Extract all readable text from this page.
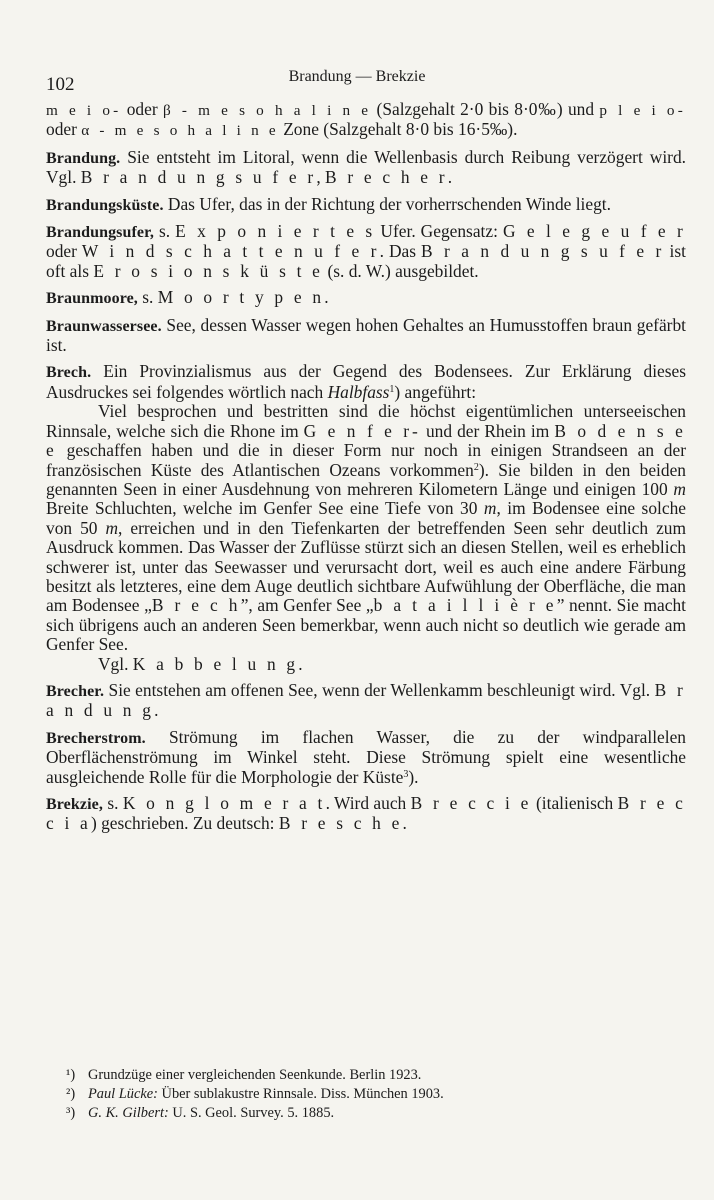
102	Brandung — Brekzie

m e i o- oder β - m e s o h a l i n e (Salzgehalt 2·0 bis 8·0‰) und p l e i o- oder α - m e s o h a l i n e Zone (Salzgehalt 8·0 bis 16·5‰).

Brandung. Sie entsteht im Litoral, wenn die Wellenbasis durch Reibung verzögert wird. Vgl. B r a n d u n g s u f e r, B r e c h e r.

Brandungsküste. Das Ufer, das in der Richtung der vorherrschenden Winde liegt.

Brandungsufer, s. E x p o n i e r t e s Ufer. Gegensatz: G e l e g e u f e r oder W i n d s c h a t t e n u f e r. Das B r a n d u n g s u f e r ist oft als E r o s i o n s k ü s t e (s. d. W.) ausgebildet.

Braunmoore, s. M o o r t y p e n.

Braunwassersee. See, dessen Wasser wegen hohen Gehaltes an Humusstoffen braun gefärbt ist.

Brech. Ein Provinzialismus aus der Gegend des Bodensees. Zur Erklärung dieses Ausdruckes sei folgendes wörtlich nach Halbfass$^1$) angeführt:

Viel besprochen und bestritten sind die höchst eigentümlichen unterseeischen Rinnsale, welche sich die Rhone im G e n f e r- und der Rhein im B o d e n s e e geschaffen haben und die in dieser Form nur noch in einigen Strandseen an der französischen Küste des Atlantischen Ozeans vorkommen$^2$). Sie bilden in den beiden genannten Seen in einer Ausdehnung von mehreren Kilometern Länge und einigen 100 m Breite Schluchten, welche im Genfer See eine Tiefe von 30 m, im Bodensee eine solche von 50 m, erreichen und in den Tiefenkarten der betreffenden Seen sehr deutlich zum Ausdruck kommen. Das Wasser der Zuflüsse stürzt sich an diesen Stellen, weil es erheblich schwerer ist, unter das Seewasser und verursacht dort, weil es auch eine andere Färbung besitzt als letzteres, eine dem Auge deutlich sichtbare Aufwühlung der Oberfläche, die man am Bodensee „B r e c h”, am Genfer See „b a t a i l l i è r e” nennt. Sie macht sich übrigens auch an anderen Seen bemerkbar, wenn auch nicht so deutlich wie gerade am Genfer See.

Vgl. K a b b e l u n g.

Brecher. Sie entstehen am offenen See, wenn der Wellenkamm beschleunigt wird. Vgl. B r a n d u n g.

Brecherstrom. Strömung im flachen Wasser, die zu der windparallelen Oberflächenströmung im Winkel steht. Diese Strömung spielt eine wesentliche ausgleichende Rolle für die Morphologie der Küste$^3$).

Brekzie, s. K o n g l o m e r a t. Wird auch B r e c c i e (italienisch B r e c c i a) geschrieben. Zu deutsch: B r e s c h e.

¹) Grundzüge einer vergleichenden Seenkunde. Berlin 1923.

²) Paul Lücke: Über sublakustre Rinnsale. Diss. München 1903.

³) G. K. Gilbert: U. S. Geol. Survey. 5. 1885.
